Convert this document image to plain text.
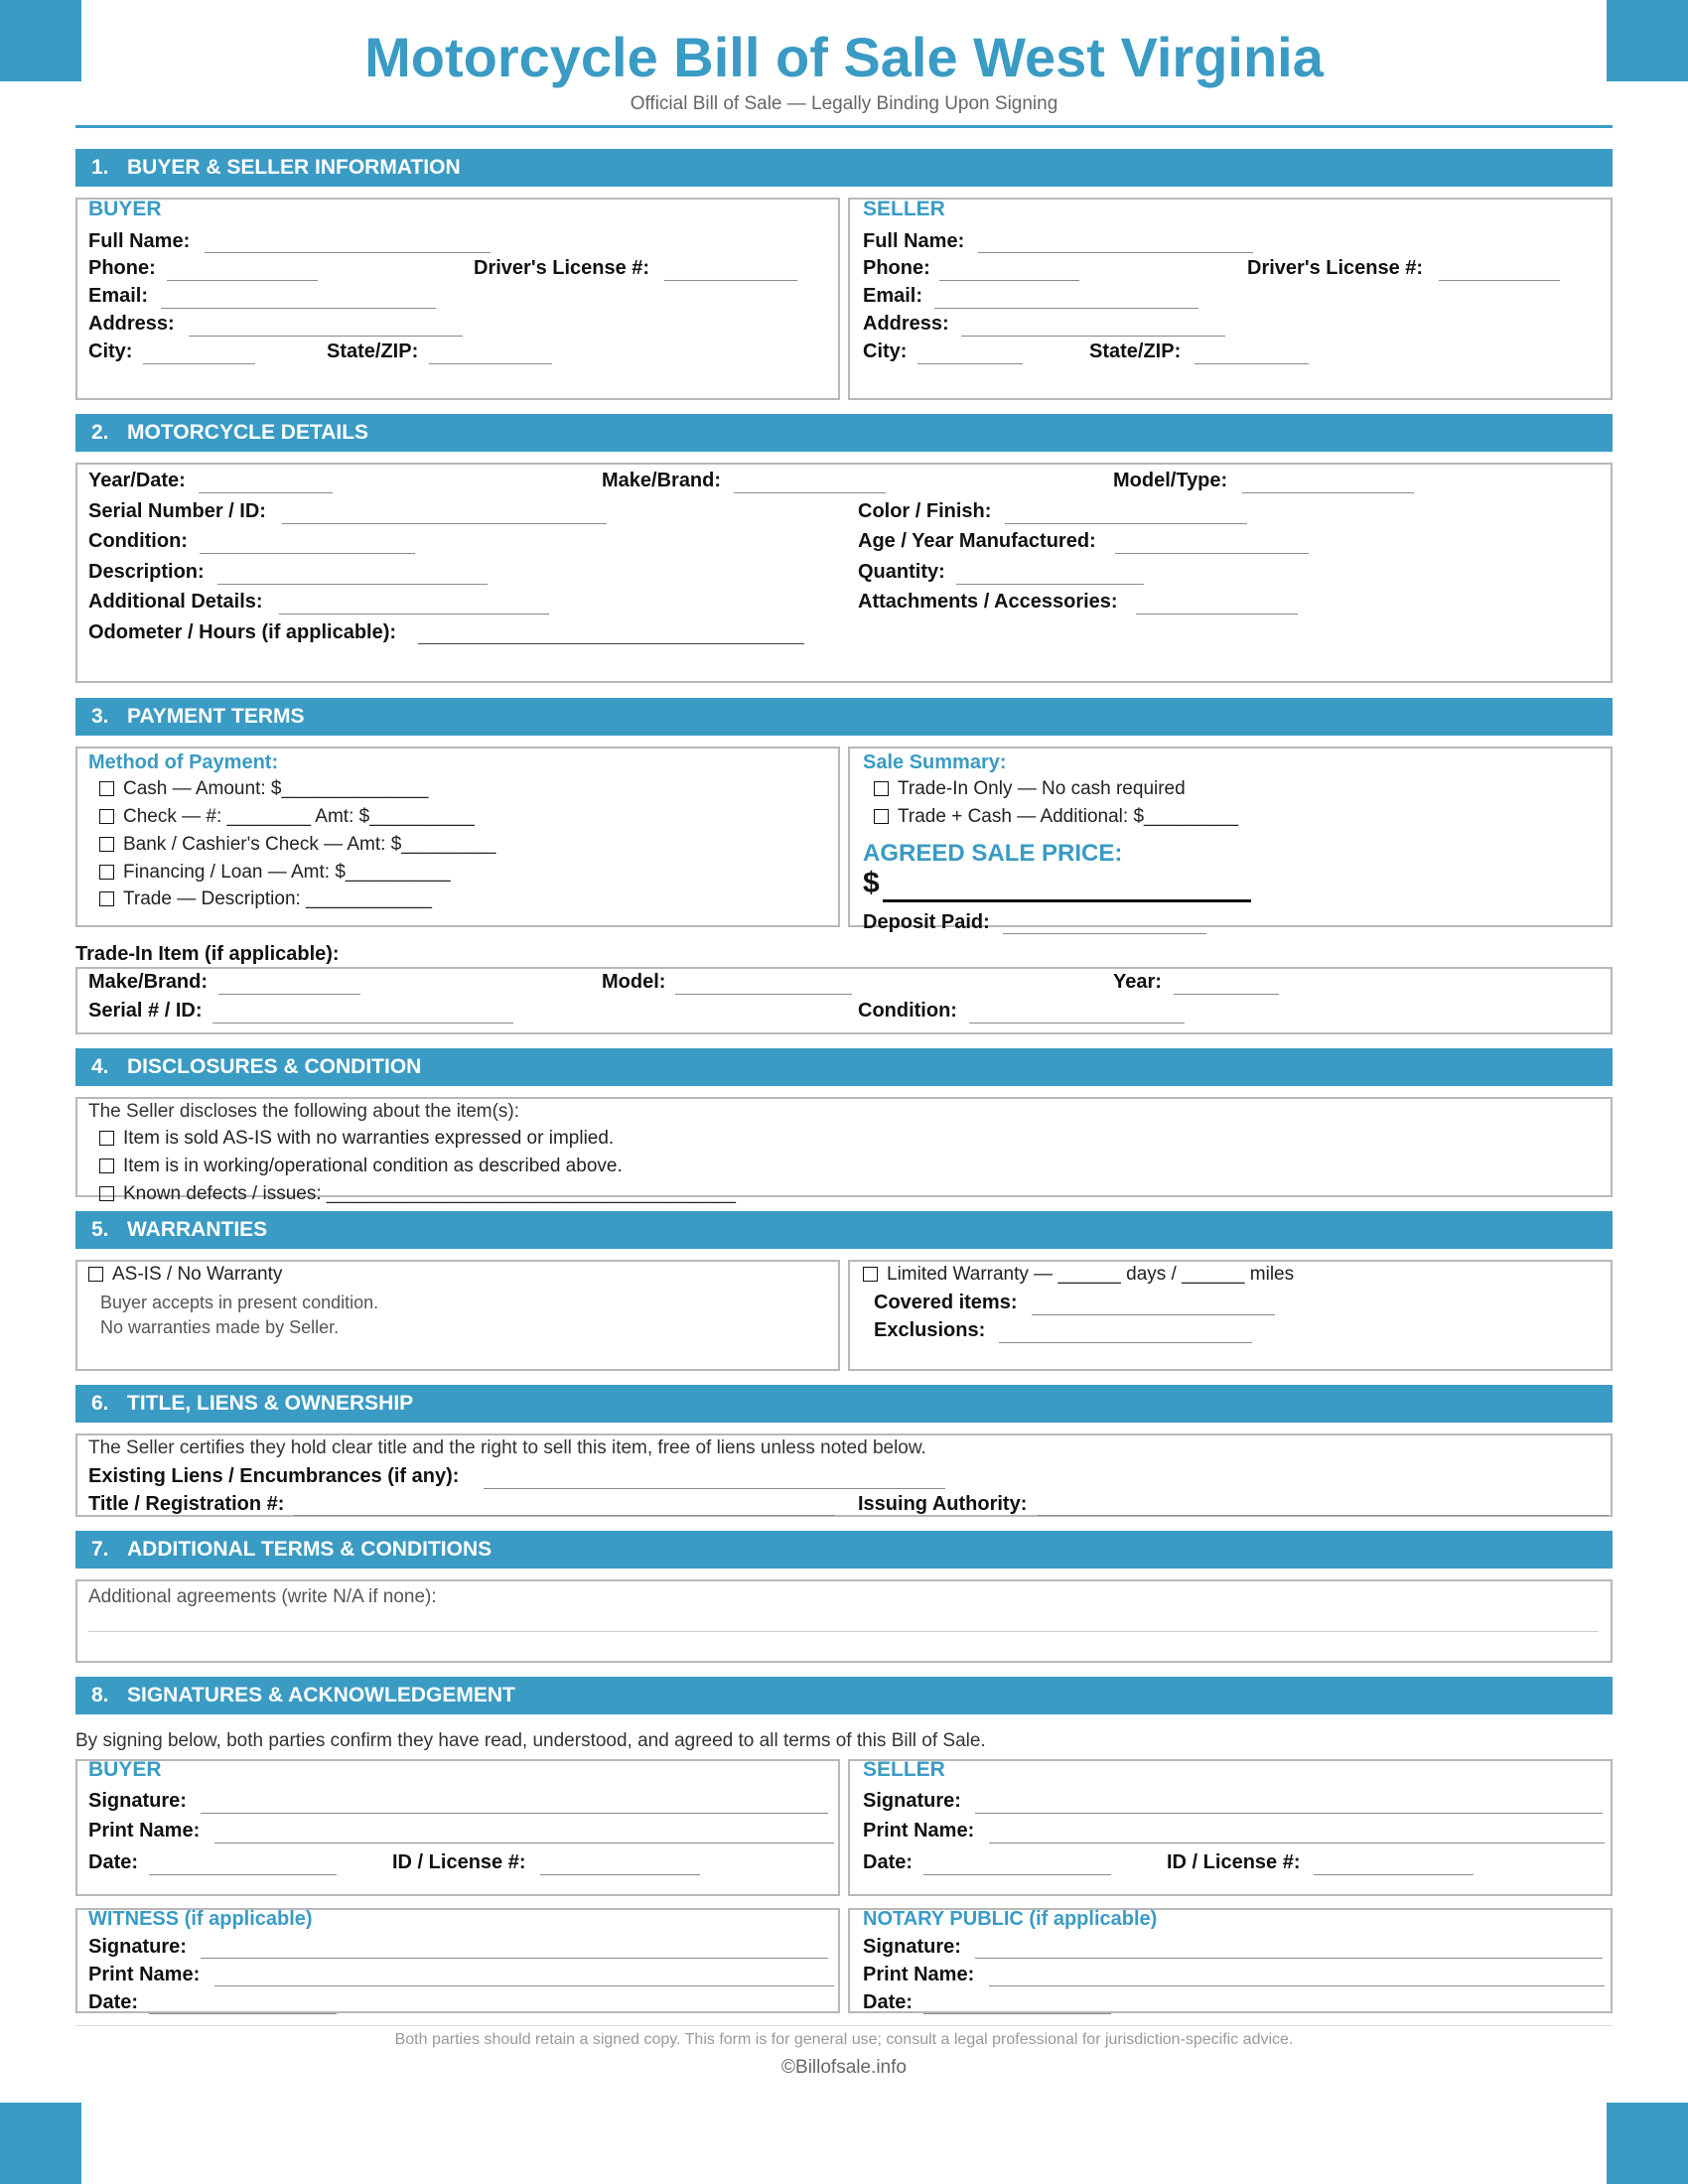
Motorcycle Bill of Sale West Virginia
Official Bill of Sale — Legally Binding Upon Signing
1. BUYER & SELLER INFORMATION
BUYER
Full Name:
Phone:	Driver's License #:
Email:
Address:
City:	State/ZIP:
SELLER
Full Name:
Phone:	Driver's License #:
Email:
Address:
City:	State/ZIP:
2. MOTORCYCLE DETAILS
Year/Date:	Make/Brand:	Model/Type:
Serial Number / ID:	Color / Finish:
Condition:	Age / Year Manufactured:
Description:	Quantity:
Additional Details:	Attachments / Accessories:
Odometer / Hours (if applicable):
3. PAYMENT TERMS
Method of Payment:
Cash — Amount: $______________
Check — #: ________ Amt: $__________
Bank / Cashier's Check — Amt: $_________
Financing / Loan — Amt: $__________
Trade — Description: ____________
Sale Summary:
Trade-In Only — No cash required
Trade + Cash — Additional: $_________
AGREED SALE PRICE:
$
Deposit Paid:
Trade-In Item (if applicable):
Make/Brand:	Model:	Year:
Serial # / ID:	Condition:
4. DISCLOSURES & CONDITION
The Seller discloses the following about the item(s):
Item is sold AS-IS with no warranties expressed or implied.
Item is in working/operational condition as described above.
Known defects / issues: _______________________________________
5. WARRANTIES
AS-IS / No Warranty
Buyer accepts in present condition.
No warranties made by Seller.
Limited Warranty — ______ days / ______ miles
Covered items:
Exclusions:
6. TITLE, LIENS & OWNERSHIP
The Seller certifies they hold clear title and the right to sell this item, free of liens unless noted below.
Existing Liens / Encumbrances (if any):
Title / Registration #:	Issuing Authority:
7. ADDITIONAL TERMS & CONDITIONS
Additional agreements (write N/A if none):
8. SIGNATURES & ACKNOWLEDGEMENT
By signing below, both parties confirm they have read, understood, and agreed to all terms of this Bill of Sale.
BUYER
Signature:
Print Name:
Date:	ID / License #:
SELLER
Signature:
Print Name:
Date:	ID / License #:
WITNESS (if applicable)
Signature:
Print Name:
Date:
NOTARY PUBLIC (if applicable)
Signature:
Print Name:
Date:
Both parties should retain a signed copy. This form is for general use; consult a legal professional for jurisdiction-specific advice.
©Billofsale.info
